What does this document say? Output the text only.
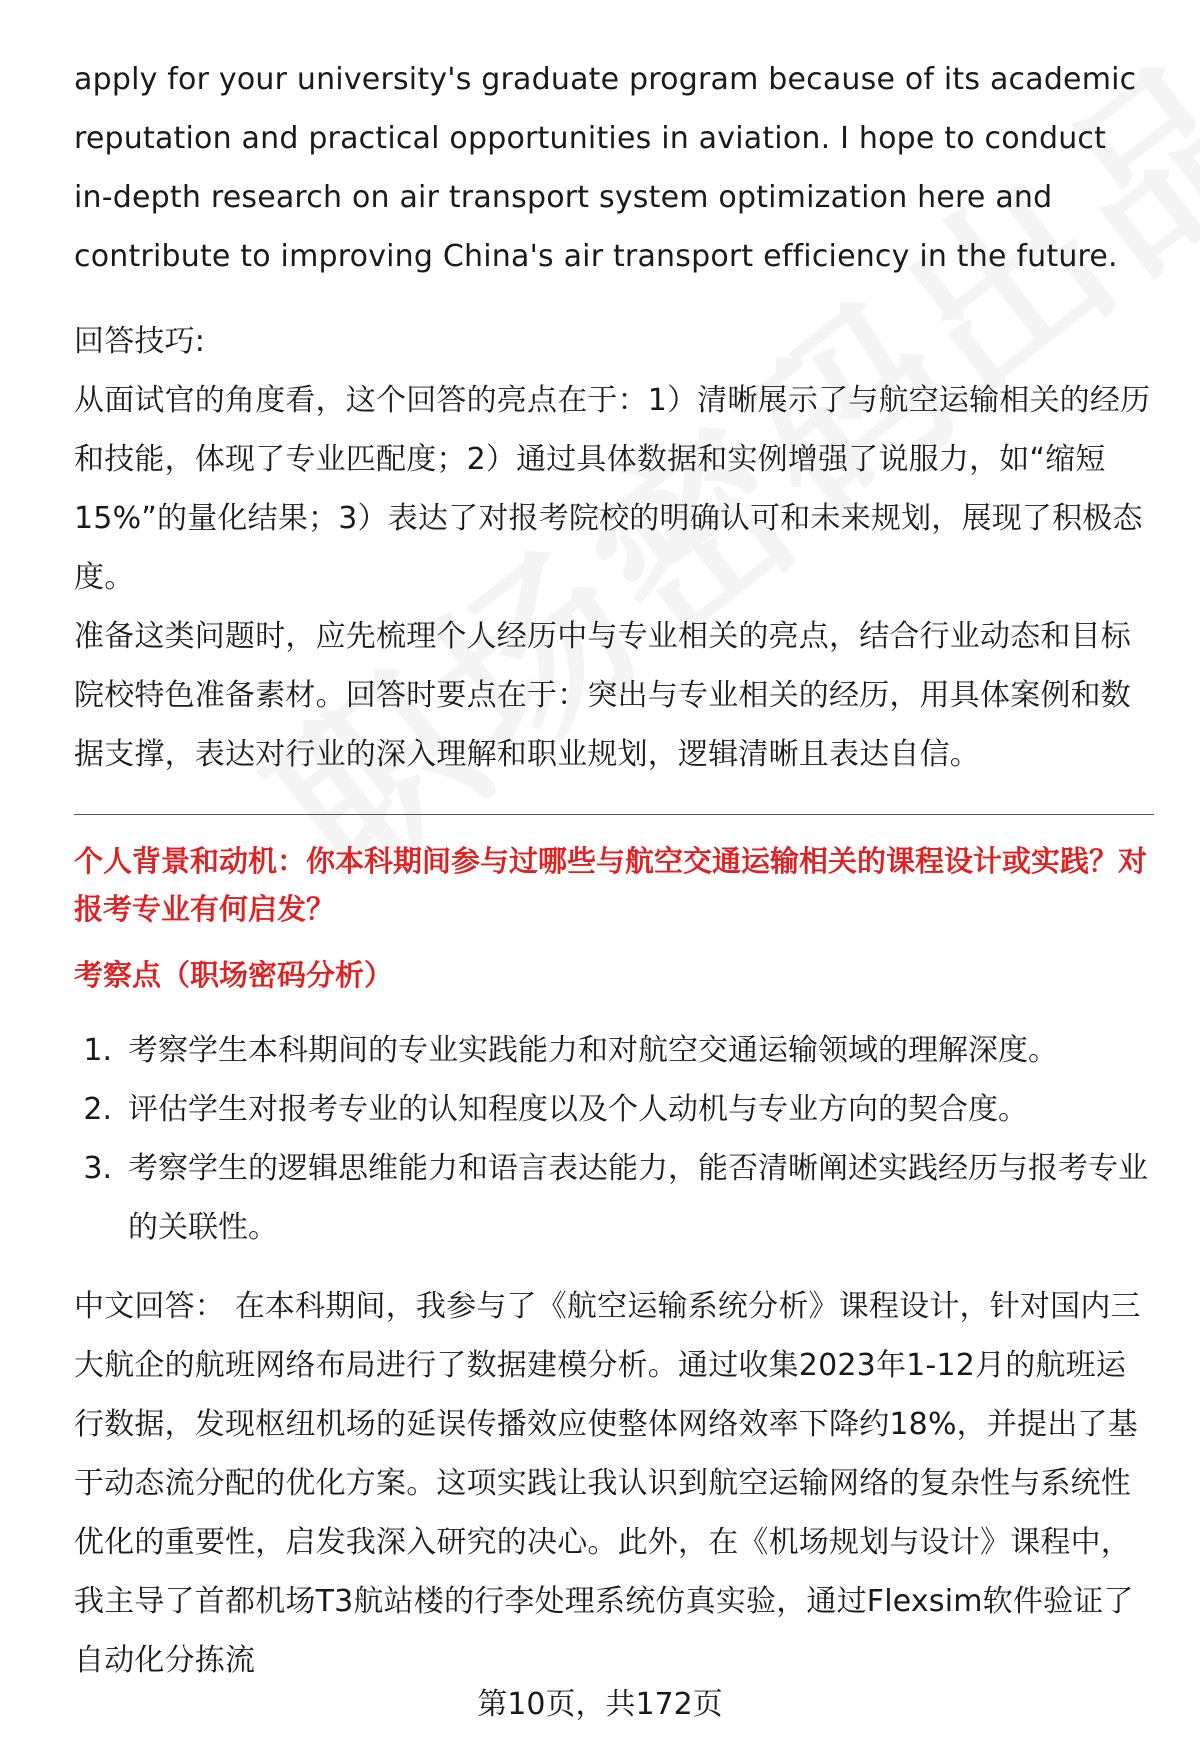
apply for your university's graduate program because of its academic reputation and practical opportunities in aviation. I hope to conduct in-depth research on air transport system optimization here and contribute to improving China's air transport efficiency in the future.

回答技巧:

从面试官的角度看，这个回答的亮点在于：1）清晰展示了与航空运输相关的经历和技能，体现了专业匹配度；2）通过具体数据和实例增强了说服力，如“缩短15%”的量化结果；3）表达了对报考院校的明确认可和未来规划，展现了积极态度。

准备这类问题时，应先梳理个人经历中与专业相关的亮点，结合行业动态和目标院校特色准备素材。回答时要点在于：突出与专业相关的经历，用具体案例和数据支撑，表达对行业的深入理解和职业规划，逻辑清晰且表达自信。

个人背景和动机：你本科期间参与过哪些与航空交通运输相关的课程设计或实践？对报考专业有何启发？

考察点（职场密码分析）

1. 考察学生本科期间的专业实践能力和对航空交通运输领域的理解深度。
2. 评估学生对报考专业的认知程度以及个人动机与专业方向的契合度。
3. 考察学生的逻辑思维能力和语言表达能力，能否清晰阐述实践经历与报考专业的关联性。

中文回答： 在本科期间，我参与了《航空运输系统分析》课程设计，针对国内三大航企的航班网络布局进行了数据建模分析。通过收集2023年1-12月的航班运行数据，发现枢纽机场的延误传播效应使整体网络效率下降约18%，并提出了基于动态流分配的优化方案。这项实践让我认识到航空运输网络的复杂性与系统性优化的重要性，启发我深入研究的决心。此外，在《机场规划与设计》课程中，我主导了首都机场T3航站楼的行李处理系统仿真实验，通过Flexsim软件验证了自动化分拣流

第10页，共172页
